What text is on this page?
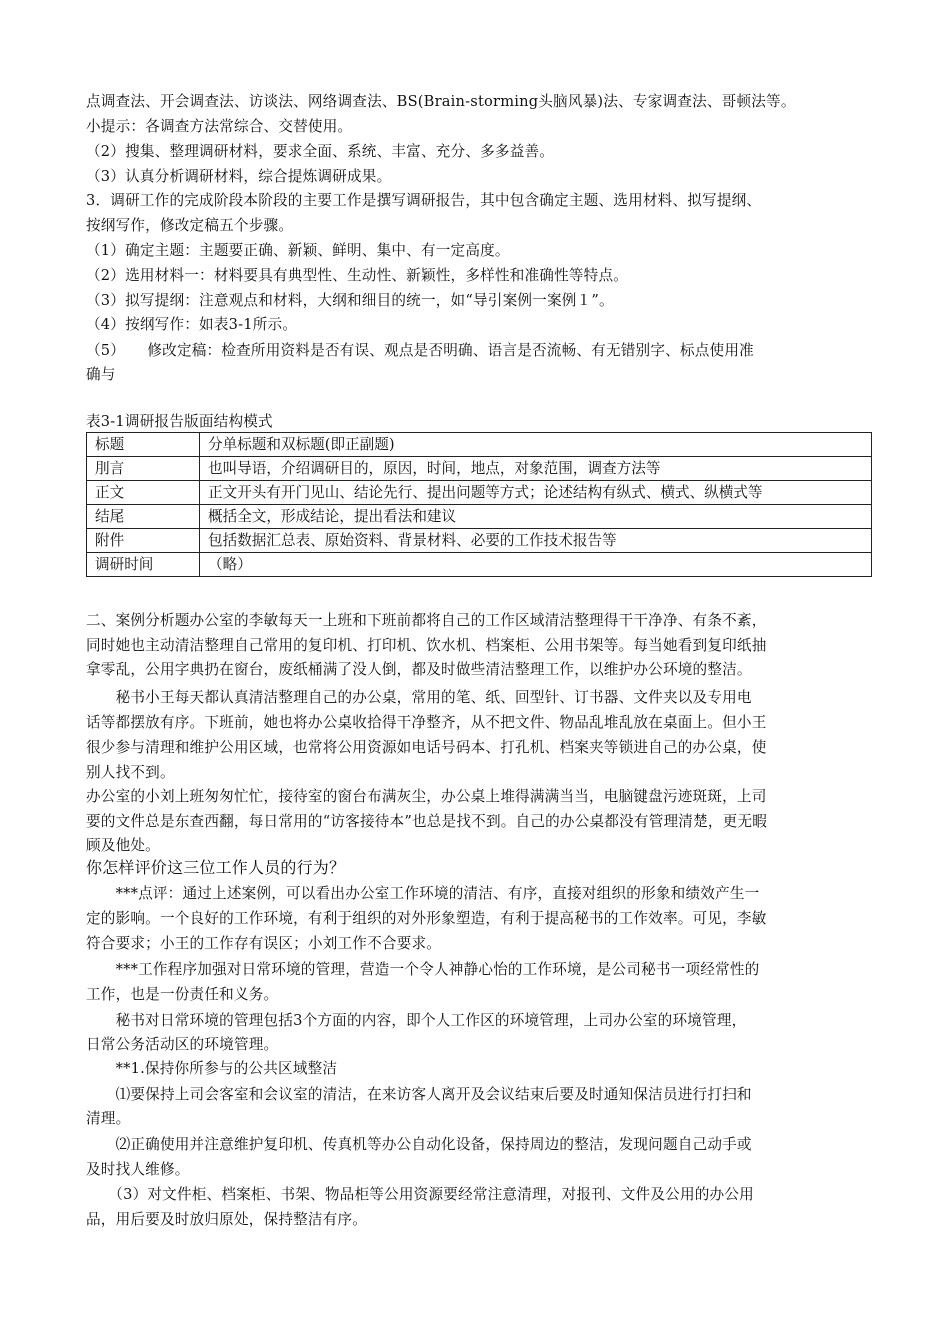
点调查法、开会调查法、访谈法、网络调查法、BS(Brain-storming头脑风暴)法、专家调查法、哥顿法等。
小提示：各调查方法常综合、交替使用。
（2）搜集、整理调研材料，要求全面、系统、丰富、充分、多多益善。
（3）认真分析调研材料，综合提炼调研成果。
3．调研工作的完成阶段本阶段的主要工作是撰写调研报告，其中包含确定主题、选用材料、拟写提纲、
按纲写作，修改定稿五个步骤。
（1）确定主题：主题要正确、新颖、鲜明、集中、有一定高度。
（2）选用材料一：材料要具有典型性、生动性、新颖性，多样性和准确性等特点。
（3）拟写提纲：注意观点和材料，大纲和细目的统一，如“导引案例一案例１”。
（4）按纲写作：如表3-1所示。
（5）　　修改定稿：检查所用资料是否有误、观点是否明确、语言是否流畅、有无错别字、标点使用准
确与
表3-1调研报告版面结构模式
标题	分单标题和双标题(即正副题)
刖言	也叫导语，介绍调研目的，原因，时间，地点，对象范围，调查方法等
正文	正文开头有开门见山、结论先行、提出问题等方式；论述结构有纵式、横式、纵横式等
结尾	概括全文，形成结论，提出看法和建议
附件	包括数据汇总表、原始资料、背景材料、必要的工作技术报告等
调研时间	（略）
二、案例分析题办公室的李敏每天一上班和下班前都将自己的工作区域清洁整理得干干净净、有条不紊，
同时她也主动清洁整理自己常用的复印机、打印机、饮水机、档案柜、公用书架等。每当她看到复印纸抽
拿零乱，公用字典扔在窗台，废纸桶满了没人倒，都及时做些清洁整理工作，以维护办公环境的整洁。
　　秘书小王每天都认真清洁整理自己的办公桌，常用的笔、纸、回型针、订书器、文件夹以及专用电
话等都摆放有序。下班前，她也将办公桌收拾得干净整齐，从不把文件、物品乱堆乱放在桌面上。但小王
很少参与清理和维护公用区域，也常将公用资源如电话号码本、打孔机、档案夹等锁进自己的办公桌，使
别人找不到。
办公室的小刘上班匆匆忙忙，接待室的窗台布满灰尘，办公桌上堆得满满当当，电脑键盘污迹斑斑，上司
要的文件总是东查西翻，每日常用的“访客接待本”也总是找不到。自己的办公桌都没有管理清楚，更无暇
顾及他处。
你怎样评价这三位工作人员的行为？
　　***点评：通过上述案例，可以看出办公室工作环境的清洁、有序，直接对组织的形象和绩效产生一
定的影响。一个良好的工作环境，有利于组织的对外形象塑造，有利于提高秘书的工作效率。可见，李敏
符合要求；小王的工作存有误区；小刘工作不合要求。
　　***工作程序加强对日常环境的管理，营造一个令人神静心怡的工作环境，是公司秘书一项经常性的
工作，也是一份责任和义务。
　　秘书对日常环境的管理包括3个方面的内容，即个人工作区的环境管理，上司办公室的环境管理，
日常公务活动区的环境管理。
　　**1.保持你所参与的公共区域整洁
　　⑴要保持上司会客室和会议室的清洁，在来访客人离开及会议结束后要及时通知保洁员进行打扫和
清理。
　　⑵正确使用并注意维护复印机、传真机等办公自动化设备，保持周边的整洁，发现问题自己动手或
及时找人维修。
　　（3）对文件柜、档案柜、书架、物品柜等公用资源要经常注意清理，对报刊、文件及公用的办公用
品，用后要及时放归原处，保持整洁有序。
